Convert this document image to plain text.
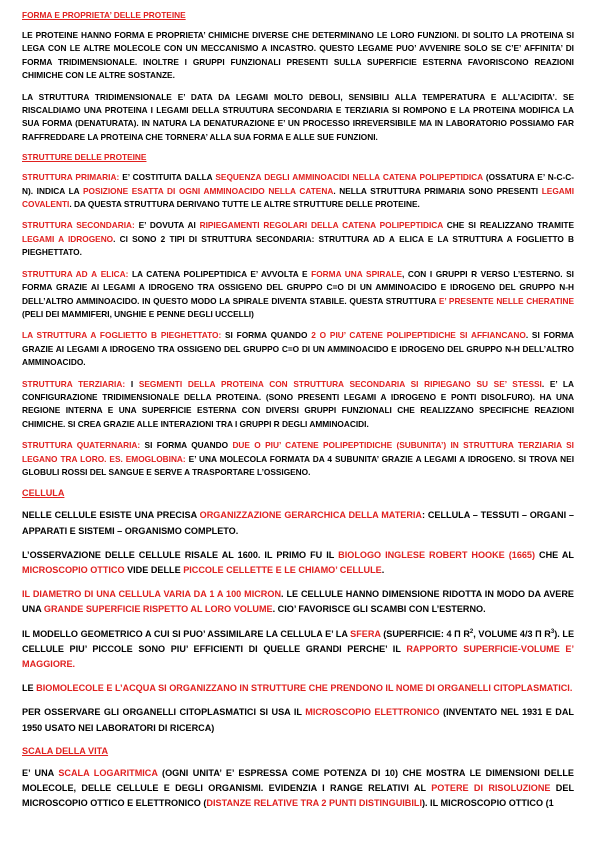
FORMA E PROPRIETA’ DELLE PROTEINE

LE PROTEINE HANNO FORMA E PROPRIETA’ CHIMICHE DIVERSE CHE DETERMINANO LE LORO FUNZIONI. DI SOLITO LA PROTEINA SI LEGA CON LE ALTRE MOLECOLE CON UN MECCANISMO A INCASTRO. QUESTO LEGAME PUO’ AVVENIRE SOLO SE C’E’ AFFINITA’ DI FORMA TRIDIMENSIONALE. INOLTRE I GRUPPI FUNZIONALI PRESENTI SULLA SUPERFICIE ESTERNA FAVORISCONO REAZIONI CHIMICHE CON LE ALTRE SOSTANZE.

LA STRUTTURA TRIDIMENSIONALE E’ DATA DA LEGAMI MOLTO DEBOLI, SENSIBILI ALLA TEMPERATURA E ALL’ACIDITA’. SE RISCALDIAMO UNA PROTEINA I LEGAMI DELLA STRUUTURA SECONDARIA E TERZIARIA SI ROMPONO E LA PROTEINA MODIFICA LA SUA FORMA (DENATURATA). IN NATURA LA DENATURAZIONE E’ UN PROCESSO IRREVERSIBILE MA IN LABORATORIO POSSIAMO FAR RAFFREDDARE LA PROTEINA CHE TORNERA’ ALLA SUA FORMA E ALLE SUE FUNZIONI.

STRUTTURE DELLE PROTEINE

STRUTTURA PRIMARIA: E’ COSTITUITA DALLA SEQUENZA DEGLI AMMINOACIDI NELLA CATENA POLIPEPTIDICA (OSSATURA E’ N-C-C-N). INDICA LA POSIZIONE ESATTA DI OGNI AMMINOACIDO NELLA CATENA. NELLA STRUTTURA PRIMARIA SONO PRESENTI LEGAMI COVALENTI. DA QUESTA STRUTTURA DERIVANO TUTTE LE ALTRE STRUTTURE DELLE PROTEINE.

STRUTTURA SECONDARIA: E’ DOVUTA AI RIPIEGAMENTI REGOLARI DELLA CATENA POLIPEPTIDICA CHE SI REALIZZANO TRAMITE LEGAMI A IDROGENO. CI SONO 2 TIPI DI STRUTTURA SECONDARIA: STRUTTURA AD Α ELICA E LA STRUTTURA A FOGLIETTO Β PIEGHETTATO.

STRUTTURA AD Α ELICA: LA CATENA POLIPEPTIDICA E’ AVVOLTA E FORMA UNA SPIRALE, CON I GRUPPI R VERSO L’ESTERNO. SI FORMA GRAZIE AI LEGAMI A IDROGENO TRA OSSIGENO DEL GRUPPO C=O DI UN AMMINOACIDO E IDROGENO DEL GRUPPO N-H DELL’ALTRO AMMINOACIDO. IN QUESTO MODO LA SPIRALE DIVENTA STABILE. QUESTA STRUTTURA E’ PRESENTE NELLE CHERATINE (PELI DEI MAMMIFERI, UNGHIE E PENNE DEGLI UCCELLI)

LA STRUTTURA A FOGLIETTO Β PIEGHETTATO: SI FORMA QUANDO 2 O PIU’ CATENE POLIPEPTIDICHE SI AFFIANCANO. SI FORMA GRAZIE AI LEGAMI A IDROGENO TRA OSSIGENO DEL GRUPPO C=O DI UN AMMINOACIDO E IDROGENO DEL GRUPPO N-H DELL’ALTRO AMMINOACIDO.

STRUTTURA TERZIARIA: I SEGMENTI DELLA PROTEINA CON STRUTTURA SECONDARIA SI RIPIEGANO SU SE’ STESSI. E’ LA CONFIGURAZIONE TRIDIMENSIONALE DELLA PROTEINA. (SONO PRESENTI LEGAMI A IDROGENO E PONTI DISOLFURO). HA UNA REGIONE INTERNA E UNA SUPERFICIE ESTERNA CON DIVERSI GRUPPI FUNZIONALI CHE REALIZZANO SPECIFICHE REAZIONI CHIMICHE. SI CREA GRAZIE ALLE INTERAZIONI TRA I GRUPPI R DEGLI AMMINOACIDI.

STRUTTURA QUATERNARIA: SI FORMA QUANDO DUE O PIU’ CATENE POLIPEPTIDICHE (SUBUNITA’) IN STRUTTURA TERZIARIA SI LEGANO TRA LORO. ES. EMOGLOBINA: E’ UNA MOLECOLA FORMATA DA 4 SUBUNITA’ GRAZIE A LEGAMI A IDROGENO. SI TROVA NEI GLOBULI ROSSI DEL SANGUE E SERVE A TRASPORTARE L’OSSIGENO.

CELLULA

NELLE CELLULE ESISTE UNA PRECISA ORGANIZZAZIONE GERARCHICA DELLA MATERIA: CELLULA – TESSUTI – ORGANI – APPARATI E SISTEMI – ORGANISMO COMPLETO.

L’OSSERVAZIONE DELLE CELLULE RISALE AL 1600. IL PRIMO FU IL BIOLOGO INGLESE ROBERT HOOKE (1665) CHE AL MICROSCOPIO OTTICO VIDE DELLE PICCOLE CELLETTE E LE CHIAMO’ CELLULE.

IL DIAMETRO DI UNA CELLULA VARIA DA 1 A 100 MICRON. LE CELLULE HANNO DIMENSIONE RIDOTTA IN MODO DA AVERE UNA GRANDE SUPERFICIE RISPETTO AL LORO VOLUME. CIO’ FAVORISCE GLI SCAMBI CON L’ESTERNO.

IL MODELLO GEOMETRICO A CUI SI PUO’ ASSIMILARE LA CELLULA E’ LA SFERA (SUPERFICIE: 4 Π $R^2$, VOLUME 4/3 Π $R^3$). LE CELLULE PIU’ PICCOLE SONO PIU’ EFFICIENTI DI QUELLE GRANDI PERCHE’ IL RAPPORTO SUPERFICIE-VOLUME E’ MAGGIORE.

LE BIOMOLECOLE E L’ACQUA SI ORGANIZZANO IN STRUTTURE CHE PRENDONO IL NOME DI ORGANELLI CITOPLASMATICI.

PER OSSERVARE GLI ORGANELLI CITOPLASMATICI SI USA IL MICROSCOPIO ELETTRONICO (INVENTATO NEL 1931 E DAL 1950 USATO NEI LABORATORI DI RICERCA)

SCALA DELLA VITA

E’ UNA SCALA LOGARITMICA (OGNI UNITA’ E’ ESPRESSA COME POTENZA DI 10) CHE MOSTRA LE DIMENSIONI DELLE MOLECOLE, DELLE CELLULE E DEGLI ORGANISMI. EVIDENZIA I RANGE RELATIVI AL POTERE DI RISOLUZIONE DEL MICROSCOPIO OTTICO E ELETTRONICO (DISTANZE RELATIVE TRA 2 PUNTI DISTINGUIBILI). IL MICROSCOPIO OTTICO (1
